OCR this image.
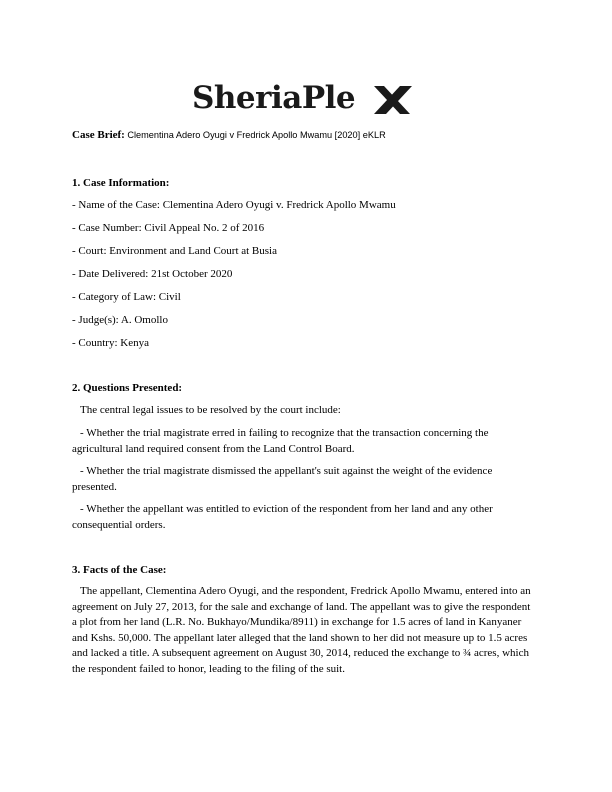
SheriaPle
Case Brief: Clementina Adero Oyugi v Fredrick Apollo Mwamu [2020] eKLR
1. Case Information:
- Name of the Case: Clementina Adero Oyugi v. Fredrick Apollo Mwamu
- Case Number: Civil Appeal No. 2 of 2016
- Court: Environment and Land Court at Busia
- Date Delivered: 21st October 2020
- Category of Law: Civil
- Judge(s): A. Omollo
- Country: Kenya
2. Questions Presented:
The central legal issues to be resolved by the court include:
- Whether the trial magistrate erred in failing to recognize that the transaction concerning the agricultural land required consent from the Land Control Board.
- Whether the trial magistrate dismissed the appellant's suit against the weight of the evidence presented.
- Whether the appellant was entitled to eviction of the respondent from her land and any other consequential orders.
3. Facts of the Case:
The appellant, Clementina Adero Oyugi, and the respondent, Fredrick Apollo Mwamu, entered into an agreement on July 27, 2013, for the sale and exchange of land. The appellant was to give the respondent a plot from her land (L.R. No. Bukhayo/Mundika/8911) in exchange for 1.5 acres of land in Kanyaner and Kshs. 50,000. The appellant later alleged that the land shown to her did not measure up to 1.5 acres and lacked a title. A subsequent agreement on August 30, 2014, reduced the exchange to ¾ acres, which the respondent failed to honor, leading to the filing of the suit.
